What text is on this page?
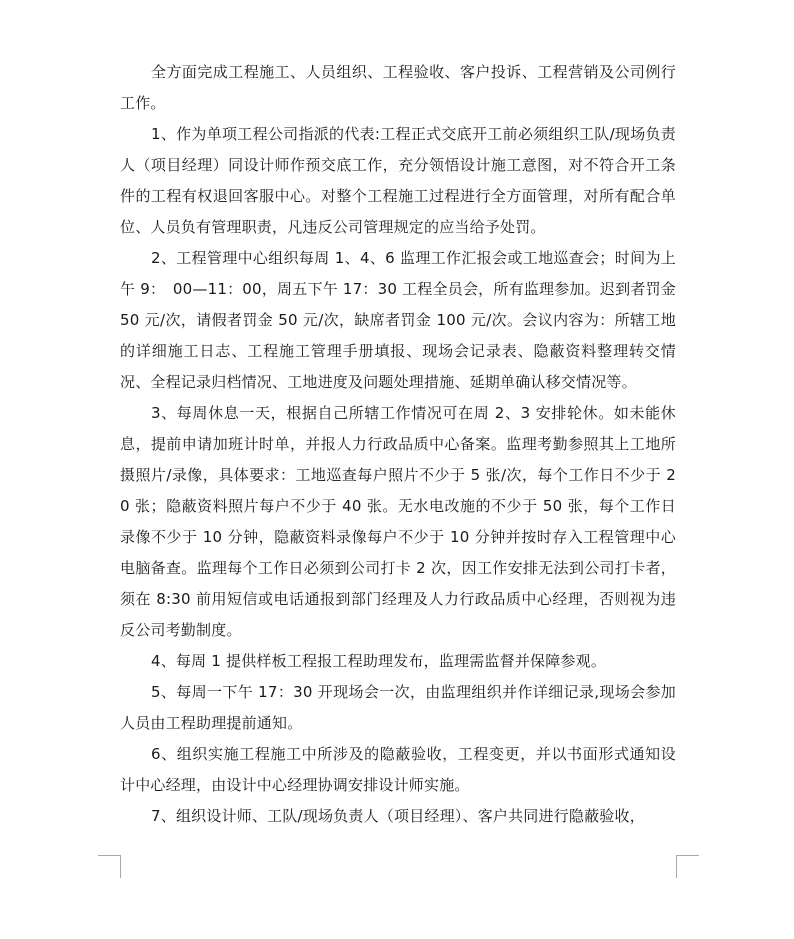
全方面完成工程施工、人员组织、工程验收、客户投诉、工程营销及公司例行工作。

1、作为单项工程公司指派的代表:工程正式交底开工前必须组织工队/现场负责　人（项目经理）同设计师作预交底工作，充分领悟设计施工意图，对不符合开工条件的工程有权退回客服中心。对整个工程施工过程进行全方面管理，对所有配合单位、人员负有管理职责，凡违反公司管理规定的应当给予处罚。

2、工程管理中心组织每周 1、4、6 监理工作汇报会或工地巡查会；时间为上午 9：　00—11：00，周五下午 17：30 工程全员会，所有监理参加。迟到者罚金 50 元/次，请假者罚金 50 元/次，缺席者罚金 100 元/次。会议内容为：所辖工地的详细施工日志、工程施工管理手册填报、现场会记录表、隐蔽资料整理转交情况、全程记录归档情况、工地进度及问题处理措施、延期单确认移交情况等。

3、每周休息一天，根据自己所辖工作情况可在周 2、3 安排轮休。如未能休息，提前申请加班计时单，并报人力行政品质中心备案。监理考勤参照其上工地所摄照片/录像，具体要求：工地巡查每户照片不少于 5 张/次，每个工作日不少于 20 张；隐蔽资料照片每户不少于 40 张。无水电改施的不少于 50 张，每个工作日录像不少于 10 分钟，隐蔽资料录像每户不少于 10 分钟并按时存入工程管理中心电脑备查。监理每个工作日必须到公司打卡 2 次，因工作安排无法到公司打卡者，须在 8:30 前用短信或电话通报到部门经理及人力行政品质中心经理，否则视为违反公司考勤制度。

4、每周 1 提供样板工程报工程助理发布，监理需监督并保障参观。

5、每周一下午 17：30 开现场会一次，由监理组织并作详细记录,现场会参加人员由工程助理提前通知。

6、组织实施工程施工中所涉及的隐蔽验收，工程变更，并以书面形式通知设计中心经理，由设计中心经理协调安排设计师实施。

7、组织设计师、工队/现场负责人（项目经理）、客户共同进行隐蔽验收，
